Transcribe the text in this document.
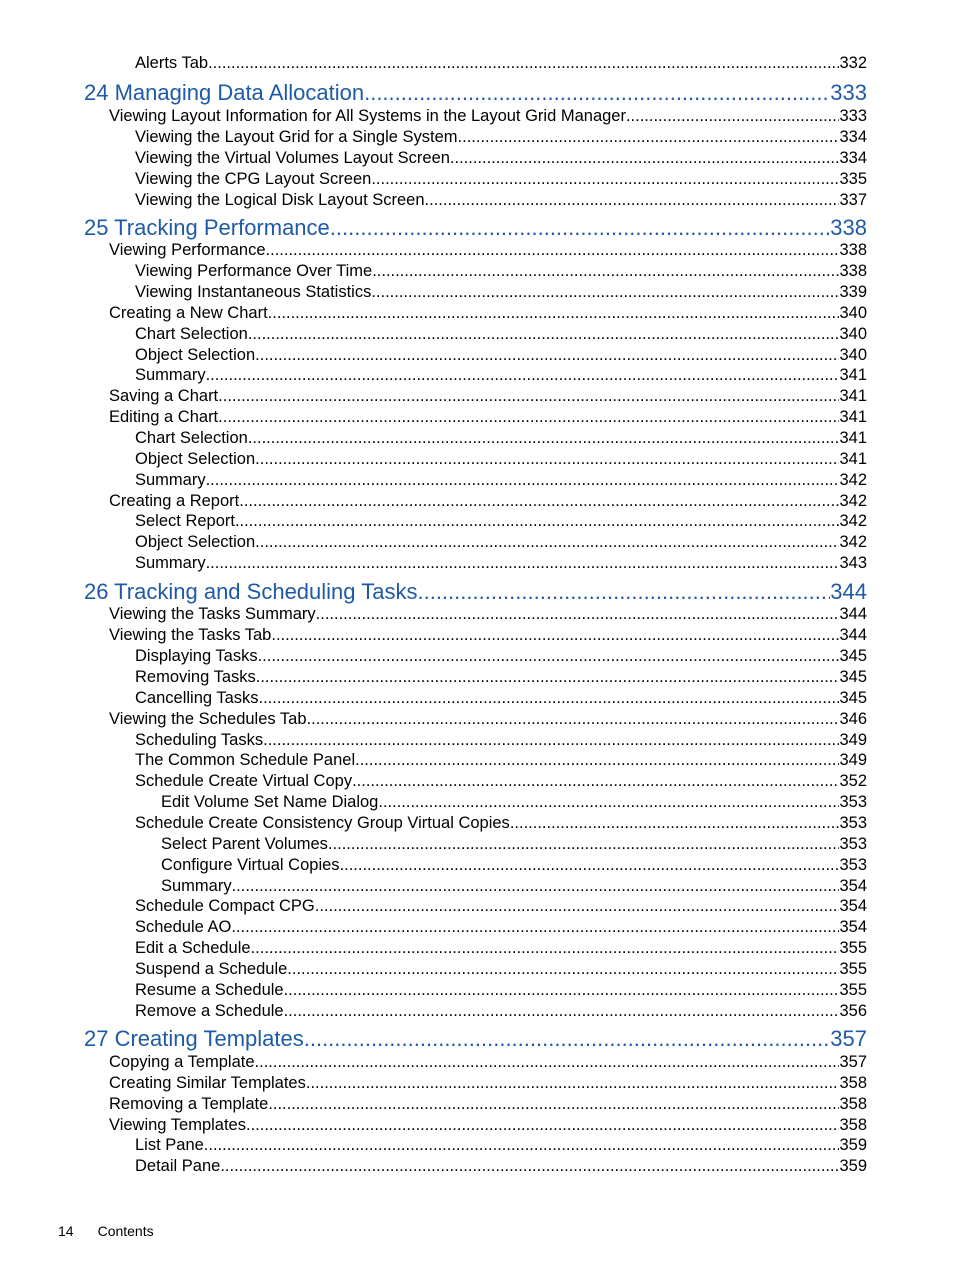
Alerts Tab .....	332
24 Managing Data Allocation .....	333
Viewing Layout Information for All Systems in the Layout Grid Manager .....	333
Viewing the Layout Grid for a Single System .....	334
Viewing the Virtual Volumes Layout Screen .....	334
Viewing the CPG Layout Screen .....	335
Viewing the Logical Disk Layout Screen .....	337
25 Tracking Performance .....	338
Viewing Performance .....	338
Viewing Performance Over Time .....	338
Viewing Instantaneous Statistics .....	339
Creating a New Chart .....	340
Chart Selection .....	340
Object Selection .....	340
Summary .....	341
Saving a Chart .....	341
Editing a Chart .....	341
Chart Selection .....	341
Object Selection .....	341
Summary .....	342
Creating a Report .....	342
Select Report .....	342
Object Selection .....	342
Summary .....	343
26 Tracking and Scheduling Tasks .....	344
Viewing the Tasks Summary .....	344
Viewing the Tasks Tab .....	344
Displaying Tasks .....	345
Removing Tasks .....	345
Cancelling Tasks .....	345
Viewing the Schedules Tab .....	346
Scheduling Tasks .....	349
The Common Schedule Panel .....	349
Schedule Create Virtual Copy .....	352
Edit Volume Set Name Dialog .....	353
Schedule Create Consistency Group Virtual Copies .....	353
Select Parent Volumes .....	353
Configure Virtual Copies .....	353
Summary .....	354
Schedule Compact CPG .....	354
Schedule AO .....	354
Edit a Schedule .....	355
Suspend a Schedule .....	355
Resume a Schedule .....	355
Remove a Schedule .....	356
27 Creating Templates .....	357
Copying a Template .....	357
Creating Similar Templates .....	358
Removing a Template .....	358
Viewing Templates .....	358
List Pane .....	359
Detail Pane .....	359
14 Contents
